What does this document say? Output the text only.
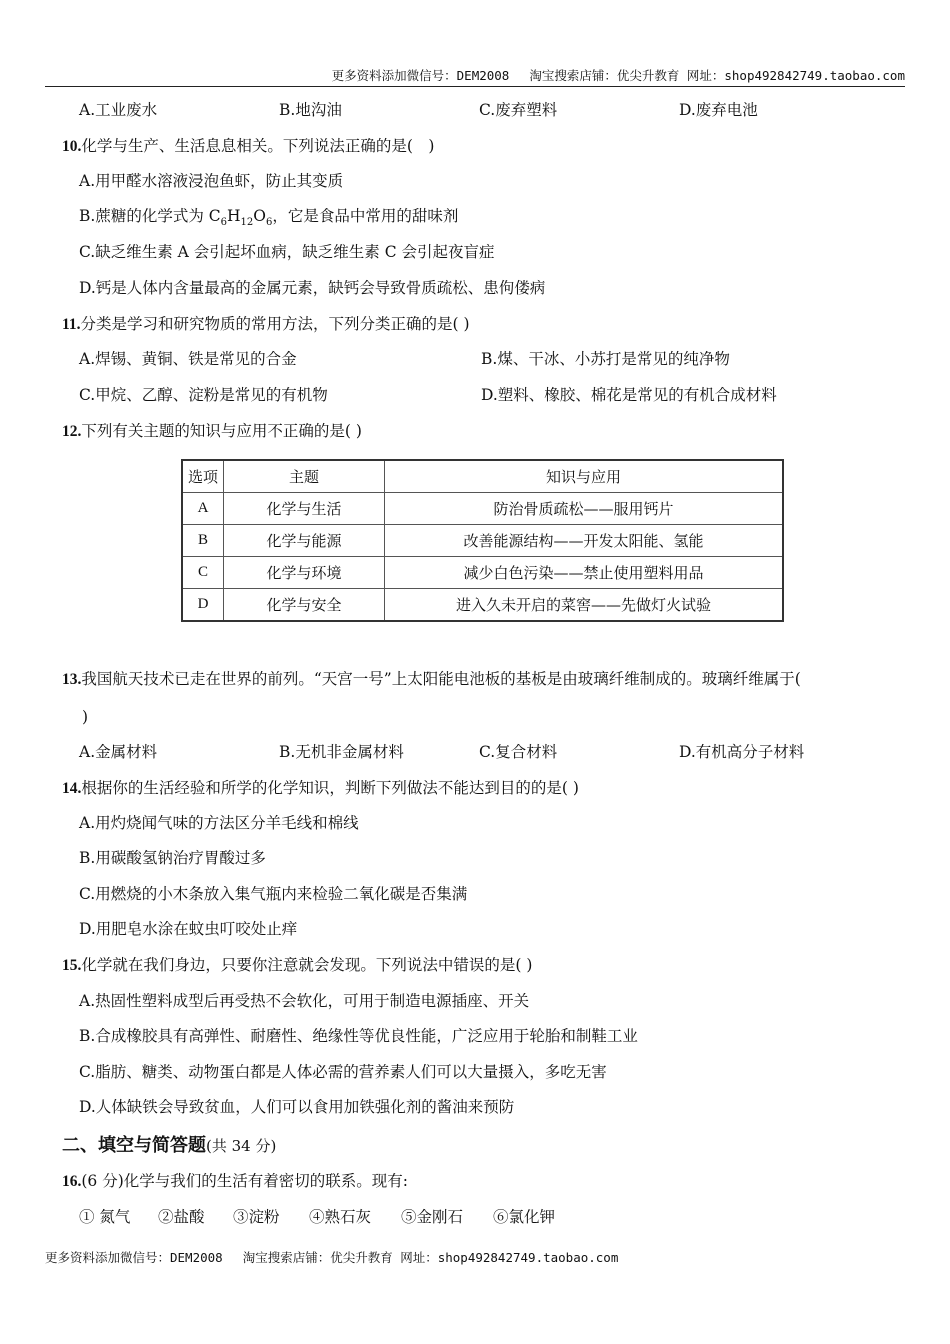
更多资料添加微信号：DEM2008　 淘宝搜索店铺：优尖升教育 网址：shop492842749.taobao.com
A.工业废水	B.地沟油	C.废弃塑料	D.废弃电池
10.化学与生产、生活息息相关。下列说法正确的是(　)
A.用甲醛水溶液浸泡鱼虾，防止其变质
B.蔗糖的化学式为 $C_6H_{12}O_6$，它是食品中常用的甜味剂
C.缺乏维生素 A 会引起坏血病，缺乏维生素 C 会引起夜盲症
D.钙是人体内含量最高的金属元素，缺钙会导致骨质疏松、患佝偻病
11.分类是学习和研究物质的常用方法，下列分类正确的是( )
A.焊锡、黄铜、铁是常见的合金	B.煤、干冰、小苏打是常见的纯净物
C.甲烷、乙醇、淀粉是常见的有机物	D.塑料、橡胶、棉花是常见的有机合成材料
12.下列有关主题的知识与应用不正确的是( )
选项	主题	知识与应用
A	化学与生活	防治骨质疏松——服用钙片
B	化学与能源	改善能源结构——开发太阳能、氢能
C	化学与环境	减少白色污染——禁止使用塑料用品
D	化学与安全	进入久未开启的菜窖——先做灯火试验
13.我国航天技术已走在世界的前列。“天宫一号”上太阳能电池板的基板是由玻璃纤维制成的。玻璃纤维属于(
)
A.金属材料	B.无机非金属材料	C.复合材料	D.有机高分子材料
14.根据你的生活经验和所学的化学知识，判断下列做法不能达到目的的是( )
A.用灼烧闻气味的方法区分羊毛线和棉线
B.用碳酸氢钠治疗胃酸过多
C.用燃烧的小木条放入集气瓶内来检验二氧化碳是否集满
D.用肥皂水涂在蚊虫叮咬处止痒
15.化学就在我们身边，只要你注意就会发现。下列说法中错误的是( )
A.热固性塑料成型后再受热不会软化，可用于制造电源插座、开关
B.合成橡胶具有高弹性、耐磨性、绝缘性等优良性能，广泛应用于轮胎和制鞋工业
C.脂肪、糖类、动物蛋白都是人体必需的营养素人们可以大量摄入，多吃无害
D.人体缺铁会导致贫血，人们可以食用加铁强化剂的酱油来预防
二、填空与简答题(共 34 分)
16.(6 分)化学与我们的生活有着密切的联系。现有:
① 氮气 ②盐酸 ③淀粉 ④熟石灰 ⑤金刚石 ⑥氯化钾
更多资料添加微信号：DEM2008　 淘宝搜索店铺：优尖升教育 网址：shop492842749.taobao.com
